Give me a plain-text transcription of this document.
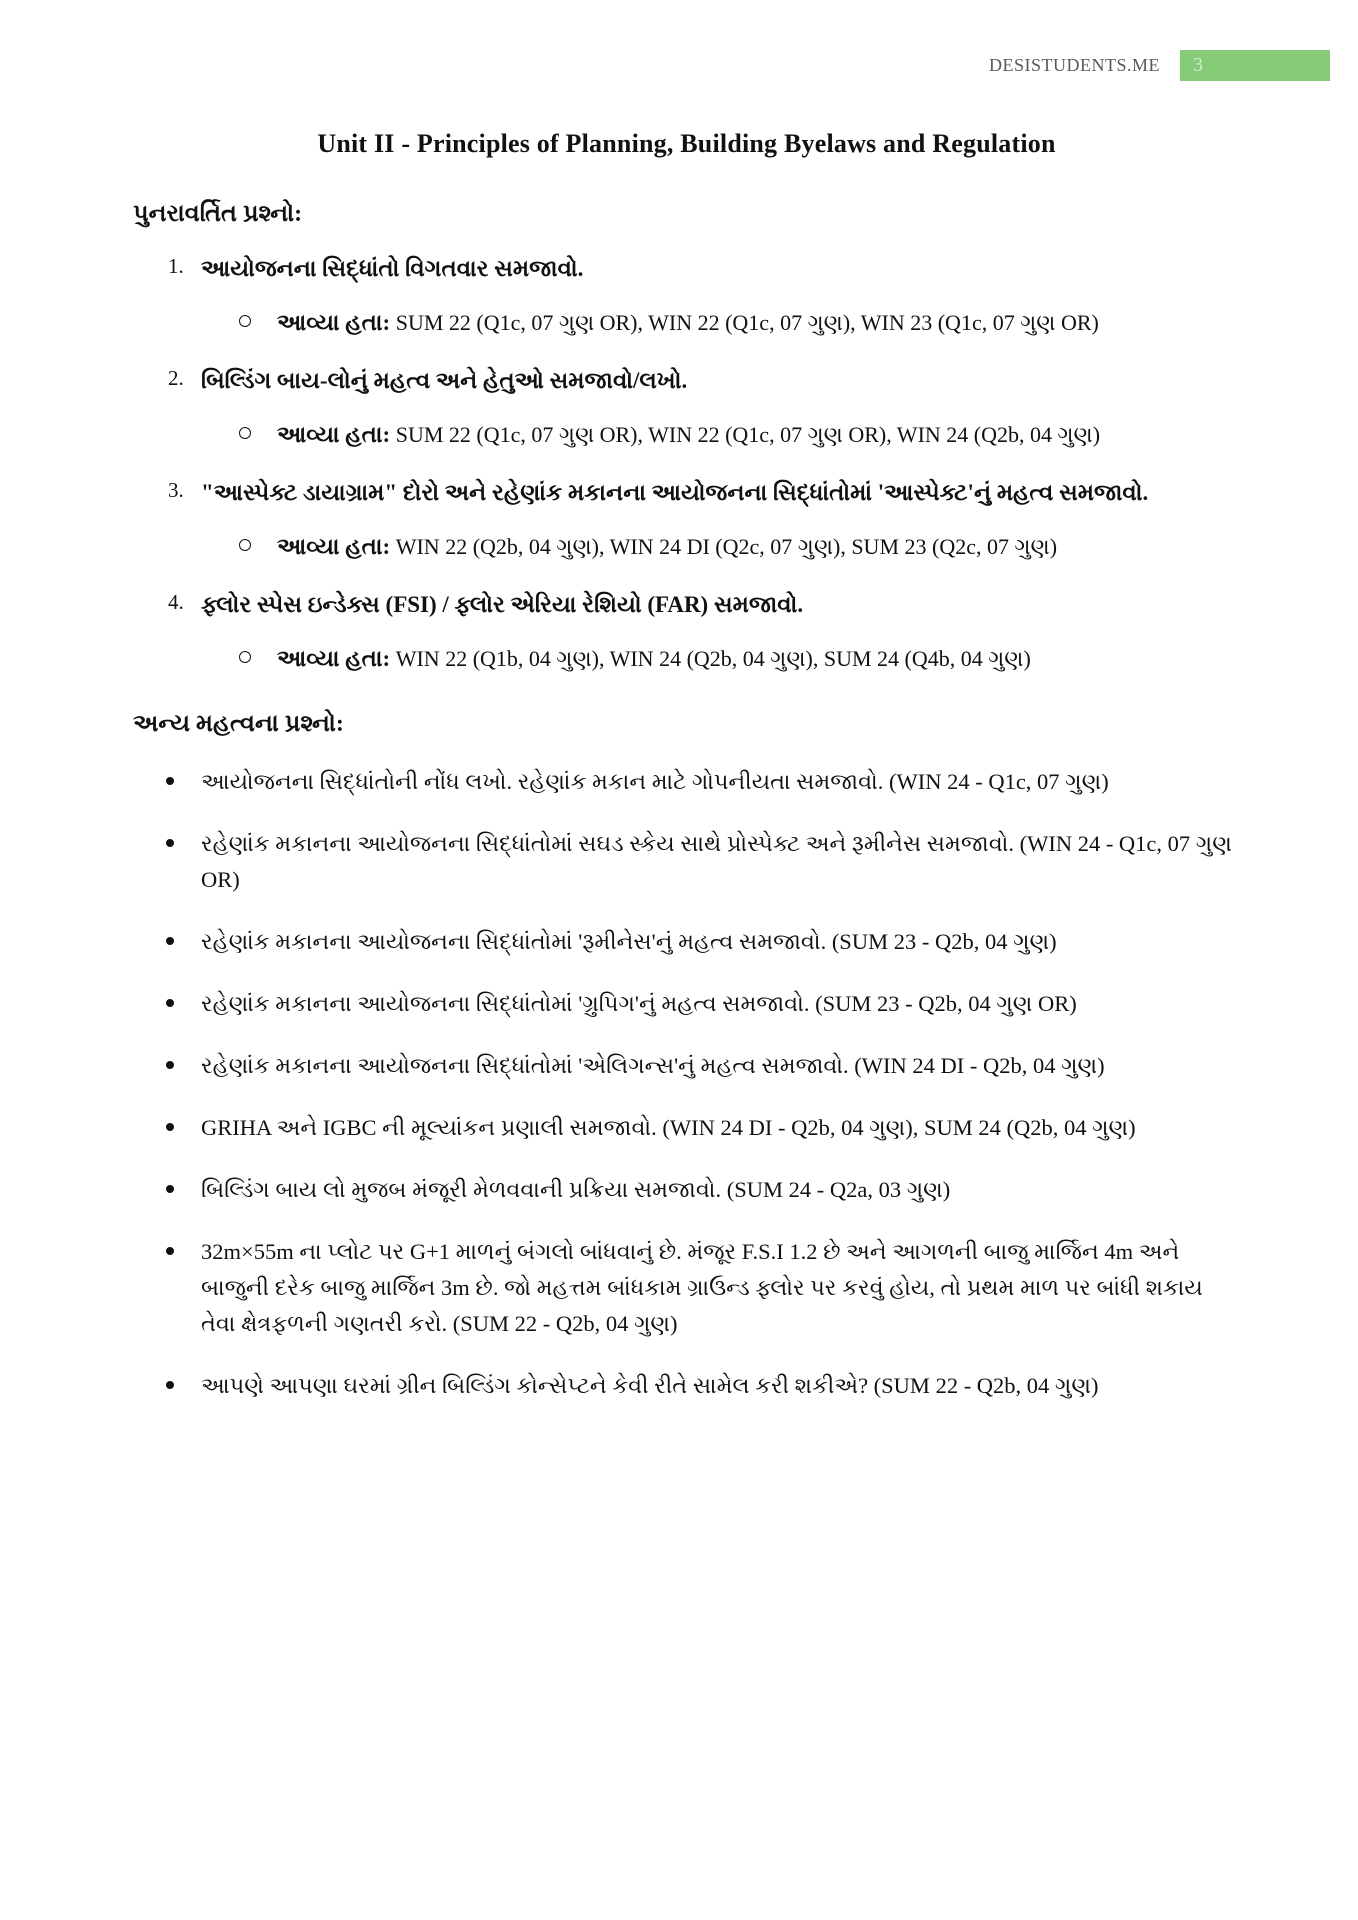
DESISTUDENTS.ME 3
Unit II - Principles of Planning, Building Byelaws and Regulation
પુનરાવર્તિત પ્રશ્નો:
1. આયોજનના સિદ્ધાંતો વિગતવાર સમજાવો.
આવ્યા હતા: SUM 22 (Q1c, 07 ગુણ OR), WIN 22 (Q1c, 07 ગુણ), WIN 23 (Q1c, 07 ગુણ OR)
2. બિલ્ડિંગ બાય-લોનું મહત્વ અને હેતુઓ સમજાવો/લખો.
આવ્યા હતા: SUM 22 (Q1c, 07 ગુણ OR), WIN 22 (Q1c, 07 ગુણ OR), WIN 24 (Q2b, 04 ગુણ)
3. "આસ્પેક્ટ ડાયાગ્રામ" દોરો અને રહેણાંક મકાનના આયોજનના સિદ્ધાંતોમાં 'આસ્પેક્ટ'નું મહત્વ સમજાવો.
આવ્યા હતા: WIN 22 (Q2b, 04 ગુણ), WIN 24 DI (Q2c, 07 ગુણ), SUM 23 (Q2c, 07 ગુણ)
4. ફ્લોર સ્પેસ ઇન્ડેક્સ (FSI) / ફ્લોર એરિયા રેશિયો (FAR) સમજાવો.
આવ્યા હતા: WIN 22 (Q1b, 04 ગુણ), WIN 24 (Q2b, 04 ગુણ), SUM 24 (Q4b, 04 ગુણ)
અન્ય મહત્વના પ્રશ્નો:
આયોજનના સિદ્ધાંતોની નોંધ લખો. રહેણાંક મકાન માટે ગોપનીયતા સમજાવો. (WIN 24 - Q1c, 07 ગુણ)
રહેણાંક મકાનના આયોજનના સિદ્ધાંતોમાં સઘડ સ્કેય સાથે પ્રોસ્પેક્ટ અને રૂમીનેસ સમજાવો. (WIN 24 - Q1c, 07 ગુણ OR)
રહેણાંક મકાનના આયોજનના સિદ્ધાંતોમાં 'રૂમીનેસ'નું મહત્વ સમજાવો. (SUM 23 - Q2b, 04 ગુણ)
રહેણાંક મકાનના આયોજનના સિદ્ધાંતોમાં 'ગ્રુપિગ'નું મહત્વ સમજાવો. (SUM 23 - Q2b, 04 ગુણ OR)
રહેણાંક મકાનના આયોજનના સિદ્ધાંતોમાં 'એલિગન્સ'નું મહત્વ સમજાવો. (WIN 24 DI - Q2b, 04 ગુણ)
GRIHA અને IGBC ની મૂલ્યાંકન પ્રણાલી સમજાવો. (WIN 24 DI - Q2b, 04 ગુણ), SUM 24 (Q2b, 04 ગુણ)
બિલ્ડિંગ બાય લો મુજબ મંજૂરી મેળવવાની પ્રક્રિયા સમજાવો. (SUM 24 - Q2a, 03 ગુણ)
32m×55m ના પ્લોટ પર G+1 માળનું બંગલો બાંધવાનું છે. મંજૂર F.S.I 1.2 છે અને આગળની બાજુ માર્જિન 4m અને બાજુની દરેક બાજુ માર્જિન 3m છે. જો મહત્તમ બાંધકામ ગ્રાઉન્ડ ફ્લોર પર કરવું હોય, તો પ્રથમ માળ પર બાંધી શકાય તેવા ક્ષેત્રફળની ગણતરી કરો. (SUM 22 - Q2b, 04 ગુણ)
આપણે આપણા ઘરમાં ગ્રીન બિલ્ડિંગ કોન્સેપ્ટને કેવી રીતે સામેલ કરી શકીએ? (SUM 22 - Q2b, 04 ગુણ)
